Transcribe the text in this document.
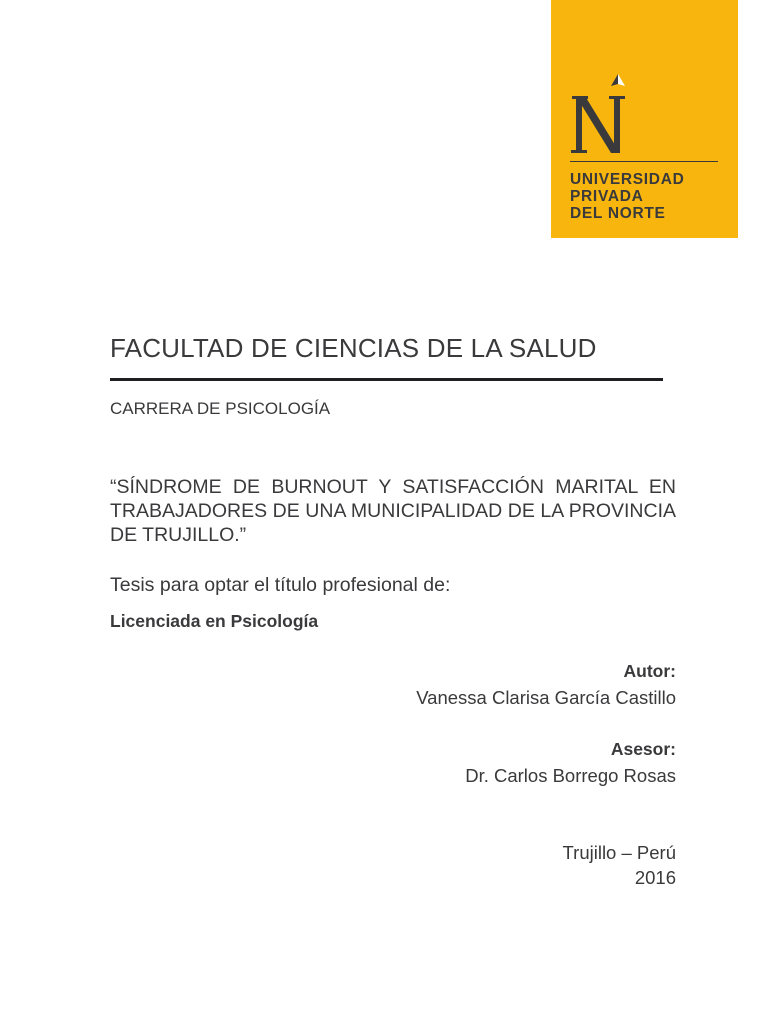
UNIVERSIDAD
PRIVADA
DEL NORTE
FACULTAD DE CIENCIAS DE LA SALUD
CARRERA DE PSICOLOGÍA
“SÍNDROME DE BURNOUT Y SATISFACCIÓN MARITAL EN TRABAJADORES DE UNA MUNICIPALIDAD DE LA PROVINCIA DE TRUJILLO.”
Tesis para optar el título profesional de:
Licenciada en Psicología
Autor:
Vanessa Clarisa García Castillo
Asesor:
Dr. Carlos Borrego Rosas
Trujillo – Perú
2016
